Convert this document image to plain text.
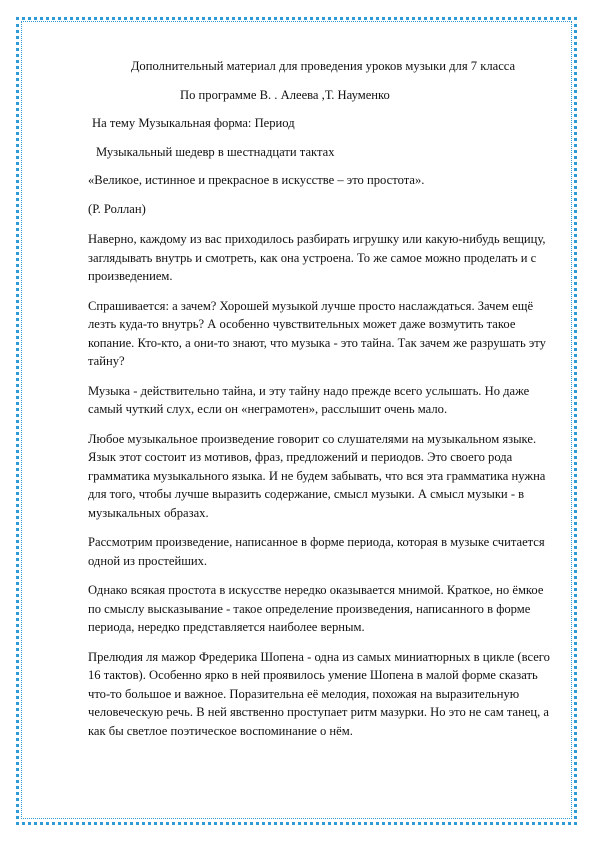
Дополнительный материал для проведения уроков музыки для 7 класса

По программе В. . Алеева ,Т. Науменко

На тему Музыкальная форма: Период

Музыкальный шедевр в шестнадцати тактах

«Великое, истинное и прекрасное в искусстве – это простота».

(Р. Роллан)

Наверно, каждому из вас приходилось разбирать игрушку или какую-нибудь вещицу, заглядывать внутрь и смотреть, как она устроена. То же самое можно проделать и с произведением.

Спрашивается: а зачем? Хорошей музыкой лучше просто наслаждаться. Зачем ещё лезть куда-то внутрь? А особенно чувствительных может даже возмутить такое копание. Кто-кто, а они-то знают, что музыка - это тайна. Так зачем же разрушать эту тайну?

Музыка - действительно тайна, и эту тайну надо прежде всего услышать. Но даже самый чуткий слух, если он «неграмотен», расслышит очень мало.

Любое музыкальное произведение говорит со слушателями на музыкальном языке. Язык этот состоит из мотивов, фраз, предложений и периодов. Это своего рода грамматика музыкального языка. И не будем забывать, что вся эта грамматика нужна для того, чтобы лучше выразить содержание, смысл музыки. А смысл музыки - в музыкальных образах.

Рассмотрим произведение, написанное в форме периода, которая в музыке считается одной из простейших.

Однако всякая простота в искусстве нередко оказывается мнимой. Краткое, но ёмкое по смыслу высказывание - такое определение произведения, написанного в форме периода, нередко представляется наиболее верным.

Прелюдия ля мажор Фредерика Шопена - одна из самых миниатюрных в цикле (всего 16 тактов). Особенно ярко в ней проявилось умение Шопена в малой форме сказать что-то большое и важное. Поразительна её мелодия, похожая на выразительную человеческую речь. В ней явственно проступает ритм мазурки. Но это не сам танец, а как бы светлое поэтическое воспоминание о нём.
